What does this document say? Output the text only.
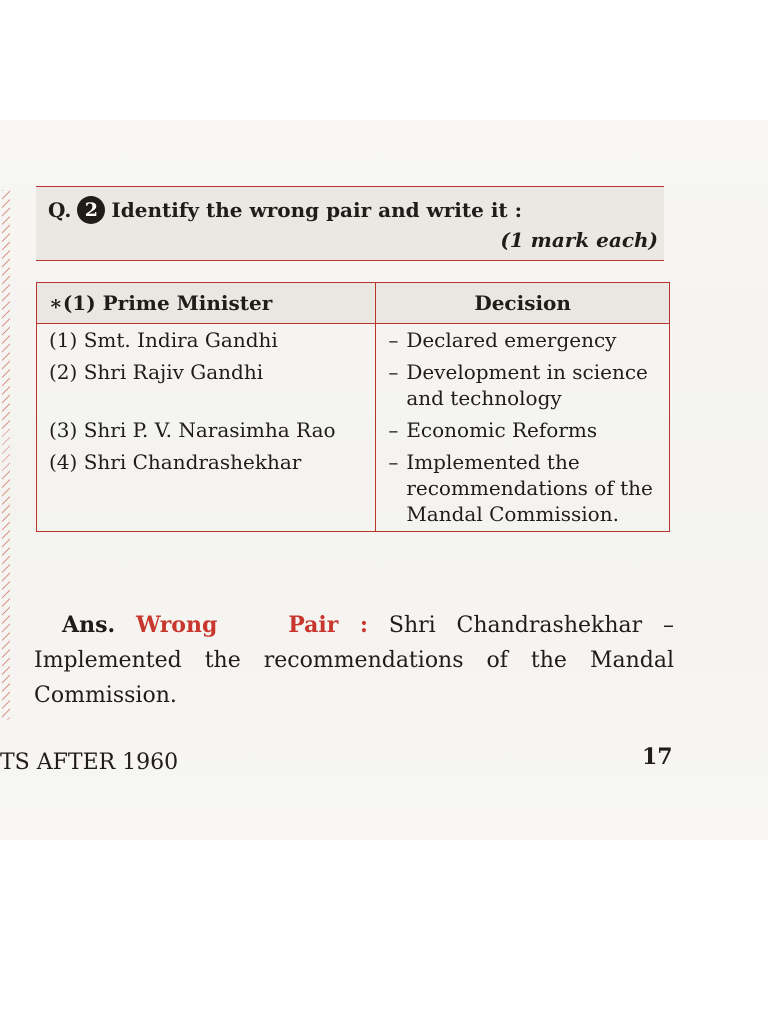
Q. 2 Identify the wrong pair and write it :
(1 mark each)
∗(1) Prime Minister	Decision
(1) Smt. Indira Gandhi	– Declared emergency

(2) Shri Rajiv Gandhi	– Development in science and technology

(3) Shri P. V. Narasimha Rao	– Economic Reforms

(4) Shri Chandrashekhar	– Implemented the recommendations of the Mandal Commission.
Ans. Wrong	Pair : Shri Chandrashekhar – Implemented the recommendations of the Mandal Commission.
TS AFTER 1960	17
